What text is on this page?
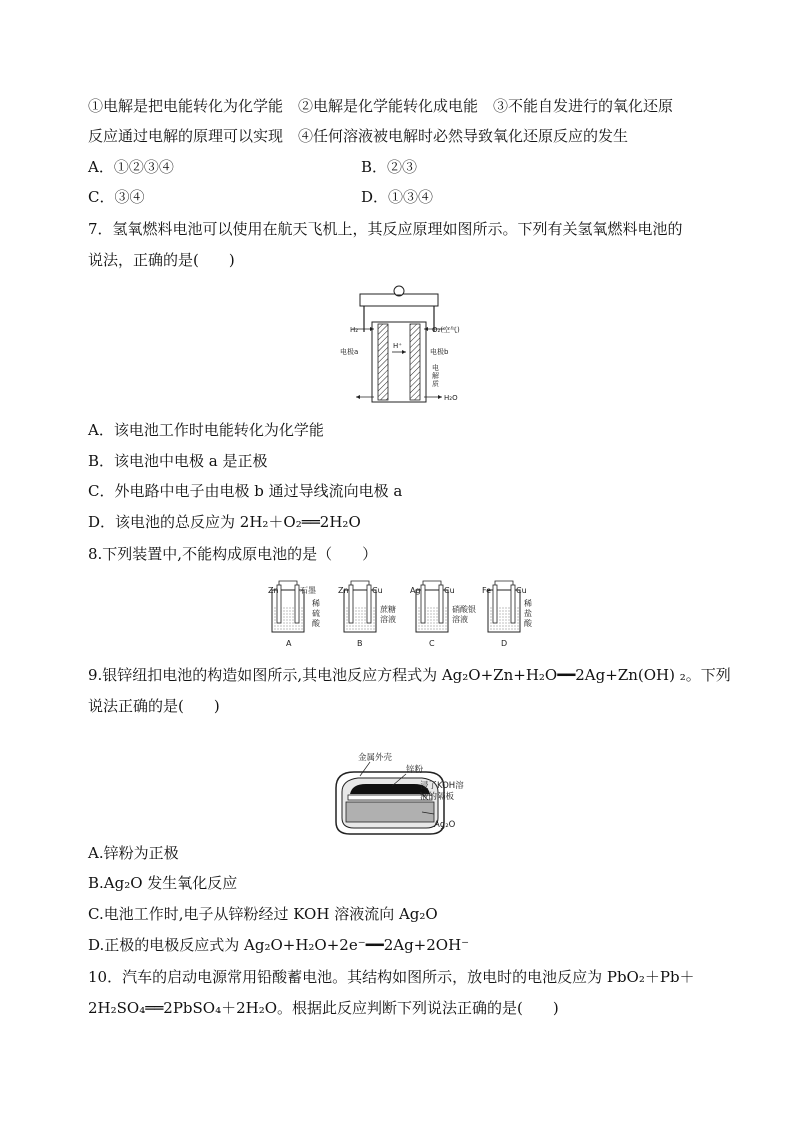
①电解是把电能转化为化学能　②电解是化学能转化成电能　③不能自发进行的氧化还原
反应通过电解的原理可以实现　④任何溶液被电解时必然导致氧化还原反应的发生
A．①②③④	B．②③
C．③④	D．①③④
7．氢氧燃料电池可以使用在航天飞机上，其反应原理如图所示。下列有关氢氧燃料电池的
说法，正确的是(　　)
H₂	O₂(空气)
电极a	电极b
H⁺
电
解
质
H₂O
A．该电池工作时电能转化为化学能
B．该电池中电极 a 是正极
C．外电路中电子由电极 b 通过导线流向电极 a
D．该电池的总反应为 2H₂＋O₂══2H₂O
8.下列装置中,不能构成原电池的是（　　）
Zn	石墨
稀
硫
酸
A
Zn	Cu
蔗糖
溶液
B
Ag	Cu
硝酸银
溶液
C
Fe	Cu
稀
盐
酸
D
9.银锌纽扣电池的构造如图所示,其电池反应方程式为 Ag₂O+Zn+H₂O━━2Ag+Zn(OH) ₂。下列
说法正确的是(　　)
金属外壳
锌粉
浸了KOH溶
液的隔板
Ag₂O
A.锌粉为正极
B.Ag₂O 发生氧化反应
C.电池工作时,电子从锌粉经过 KOH 溶液流向 Ag₂O
D.正极的电极反应式为 Ag₂O+H₂O+2e⁻━━2Ag+2OH⁻
10．汽车的启动电源常用铅酸蓄电池。其结构如图所示，放电时的电池反应为 PbO₂＋Pb＋
2H₂SO₄══2PbSO₄＋2H₂O。根据此反应判断下列说法正确的是(　　)
